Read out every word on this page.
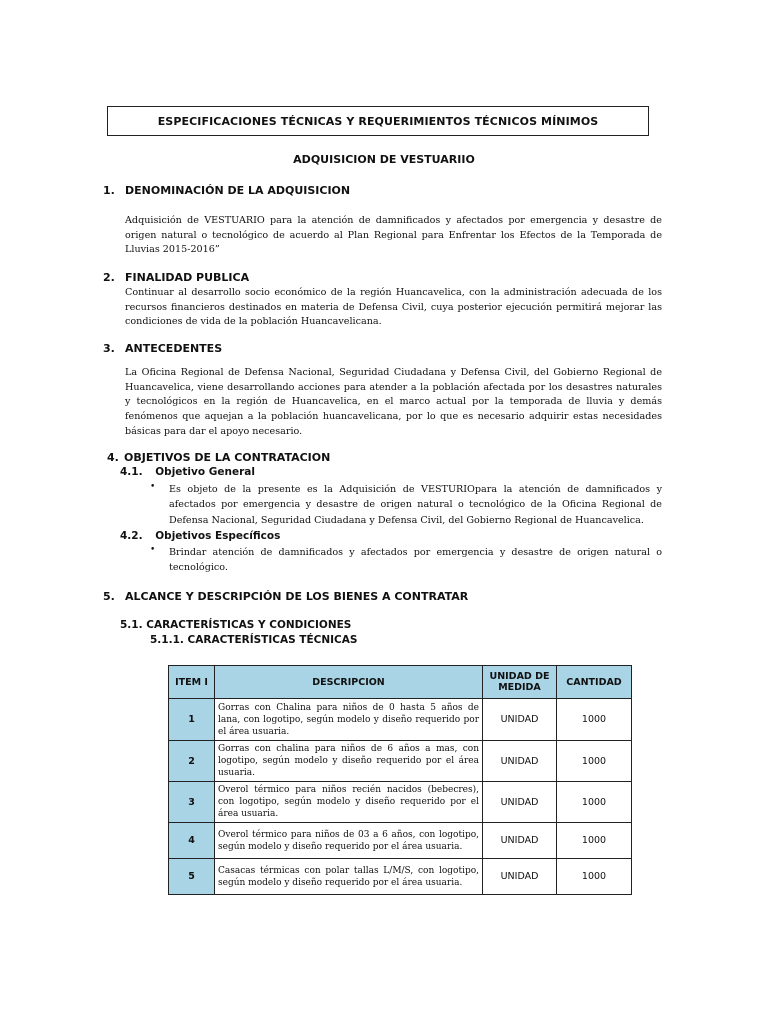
ESPECIFICACIONES TÉCNICAS Y REQUERIMIENTOS TÉCNICOS MÍNIMOS
ADQUISICION DE VESTUARIIO
1. DENOMINACIÓN DE LA ADQUISICION
Adquisición de VESTUARIO para la atención de damnificados y afectados por emergencia y desastre de origen natural o tecnológico de acuerdo al Plan Regional para Enfrentar los Efectos de la Temporada de Lluvias 2015-2016”
2. FINALIDAD PUBLICA
Continuar al desarrollo socio económico de la región Huancavelica, con la administración adecuada de los recursos financieros destinados en materia de Defensa Civil, cuya posterior ejecución permitirá mejorar las condiciones de vida de la población Huancavelicana.
3. ANTECEDENTES
La Oficina Regional de Defensa Nacional, Seguridad Ciudadana y Defensa Civil, del Gobierno Regional de Huancavelica, viene desarrollando acciones para atender a la población afectada por los desastres naturales y tecnológicos en la región de Huancavelica, en el marco actual por la temporada de lluvia y demás fenómenos que aquejan a la población huancavelicana, por lo que es necesario adquirir estas necesidades básicas para dar el apoyo necesario.
4. OBJETIVOS DE LA CONTRATACION
4.1. Objetivo General
• Es objeto de la presente es la Adquisición de VESTURIOpara la atención de damnificados y afectados por emergencia y desastre de origen natural o tecnológico de la Oficina Regional de Defensa Nacional, Seguridad Ciudadana y Defensa Civil, del Gobierno Regional de Huancavelica.
4.2. Objetivos Específicos
• Brindar atención de damnificados y afectados por emergencia y desastre de origen natural o tecnológico.
5. ALCANCE Y DESCRIPCIÓN DE LOS BIENES A CONTRATAR
5.1. CARACTERÍSTICAS Y CONDICIONES
5.1.1. CARACTERÍSTICAS TÉCNICAS
ITEM I	DESCRIPCION	UNIDAD DE MEDIDA	CANTIDAD
1	Gorras con Chalina para niños de 0 hasta 5 años de lana, con logotipo, según modelo y diseño requerido por el área usuaria.	UNIDAD	1000
2	Gorras con chalina para niños de 6 años a mas, con logotipo, según modelo y diseño requerido por el área usuaria.	UNIDAD	1000
3	Overol térmico para niños recién nacidos (bebecres), con logotipo, según modelo y diseño requerido por el área usuaria.	UNIDAD	1000
4	Overol térmico para niños de 03 a 6 años, con logotipo, según modelo y diseño requerido por el área usuaria.	UNIDAD	1000
5	Casacas térmicas con polar tallas L/M/S, con logotipo, según modelo y diseño requerido por el área usuaria.	UNIDAD	1000
